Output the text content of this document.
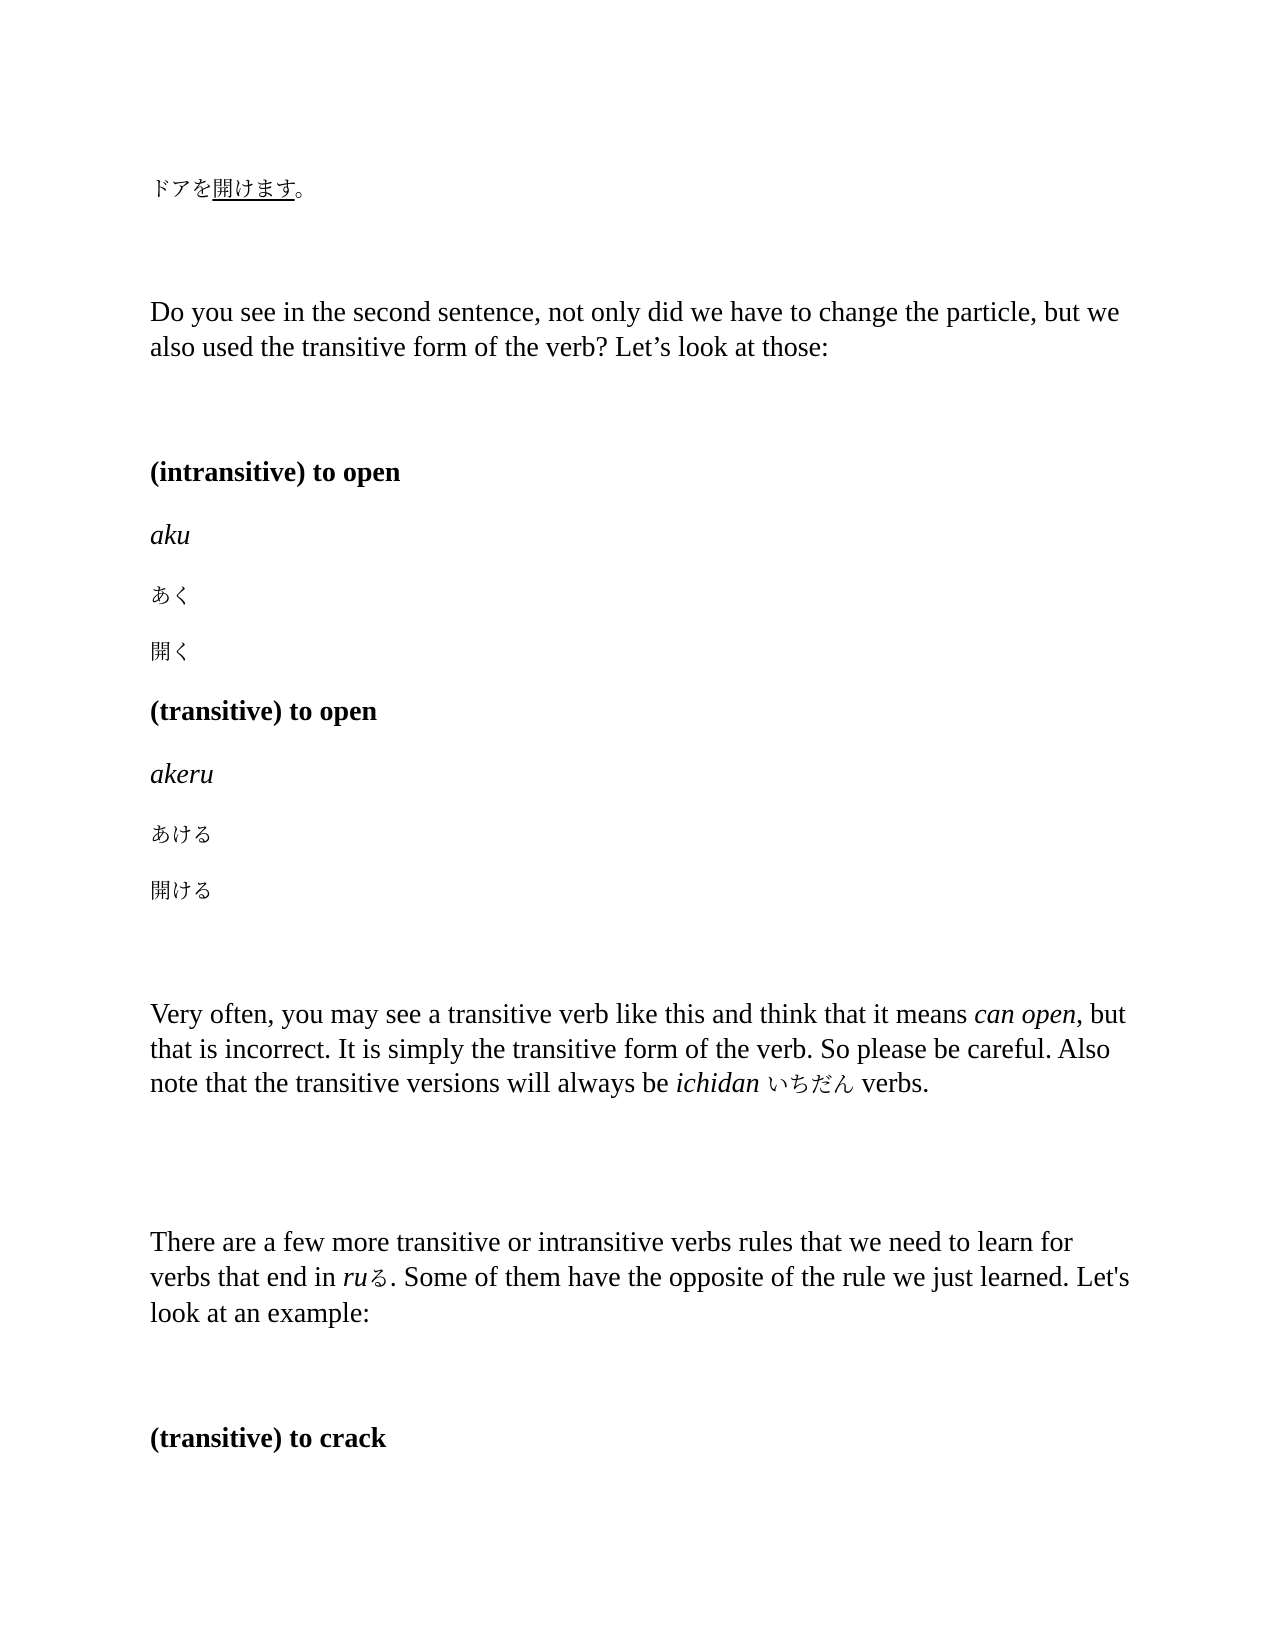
ドアを開けます。
Do you see in the second sentence, not only did we have to change the particle, but we also used the transitive form of the verb? Let’s look at those:
(intransitive) to open
aku
あく
開く
(transitive) to open
akeru
あける
開ける
Very often, you may see a transitive verb like this and think that it means can open, but that is incorrect. It is simply the transitive form of the verb. So please be careful. Also note that the transitive versions will always be ichidan いちだん verbs.
There are a few more transitive or intransitive verbs rules that we need to learn for verbs that end in ruる. Some of them have the opposite of the rule we just learned. Let's look at an example:
(transitive) to crack
